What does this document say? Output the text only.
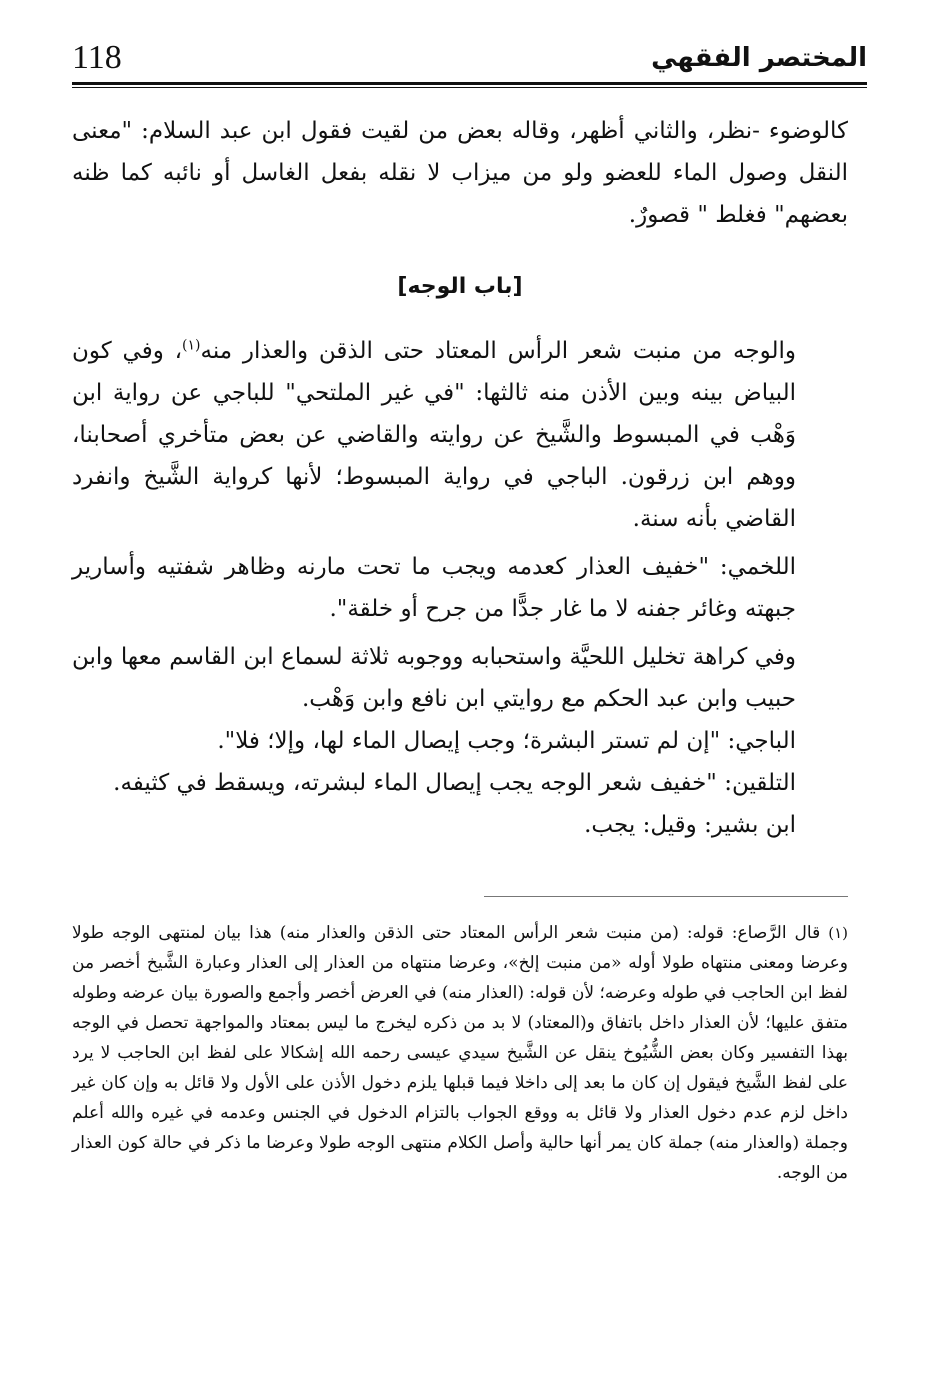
118	المختصر الفقهي

كالوضوء -نظر، والثاني أظهر، وقاله بعض من لقيت فقول ابن عبد السلام: "معنى النقل وصول الماء للعضو ولو من ميزاب لا نقله بفعل الغاسل أو نائبه كما ظنه بعضهم" فغلط " قصورٌ.

[باب الوجه]

والوجه من منبت شعر الرأس المعتاد حتى الذقن والعذار منه$^{(١)}$، وفي كون البياض بينه وبين الأذن منه ثالثها: "في غير الملتحي" للباجي عن رواية ابن وَهْب في المبسوط والشَّيخ عن روايته والقاضي عن بعض متأخري أصحابنا، ووهم ابن زرقون. الباجي في رواية المبسوط؛ لأنها كرواية الشَّيخ وانفرد القاضي بأنه سنة.

اللخمي: "خفيف العذار كعدمه ويجب ما تحت مارنه وظاهر شفتيه وأسارير جبهته وغائر جفنه لا ما غار جدًّا من جرح أو خلقة".

وفي كراهة تخليل اللحيَّة واستحبابه ووجوبه ثلاثة لسماع ابن القاسم معها وابن حبيب وابن عبد الحكم مع روايتي ابن نافع وابن وَهْب.

الباجي: "إن لم تستر البشرة؛ وجب إيصال الماء لها، وإلا؛ فلا".

التلقين: "خفيف شعر الوجه يجب إيصال الماء لبشرته، ويسقط في كثيفه.

ابن بشير: وقيل: يجب.

(١) قال الرَّصاع: قوله: (من منبت شعر الرأس المعتاد حتى الذقن والعذار منه) هذا بيان لمنتهى الوجه طولا وعرضا ومعنى منتهاه طولا أوله «من منبت إلخ»، وعرضا منتهاه من العذار إلى العذار وعبارة الشَّيخ أخصر من لفظ ابن الحاجب في طوله وعرضه؛ لأن قوله: (العذار منه) في العرض أخصر وأجمع والصورة بيان عرضه وطوله متفق عليها؛ لأن العذار داخل باتفاق و(المعتاد) لا بد من ذكره ليخرج ما ليس بمعتاد والمواجهة تحصل في الوجه بهذا التفسير وكان بعض الشُّيُوخ ينقل عن الشَّيخ سيدي عيسى رحمه الله إشكالا على لفظ ابن الحاجب لا يرد على لفظ الشَّيخ فيقول إن كان ما بعد إلى داخلا فيما قبلها يلزم دخول الأذن على الأول ولا قائل به وإن كان غير داخل لزم عدم دخول العذار ولا قائل به ووقع الجواب بالتزام الدخول في الجنس وعدمه في غيره والله أعلم وجملة (والعذار منه) جملة كان يمر أنها حالية وأصل الكلام منتهى الوجه طولا وعرضا ما ذكر في حالة كون العذار من الوجه.
